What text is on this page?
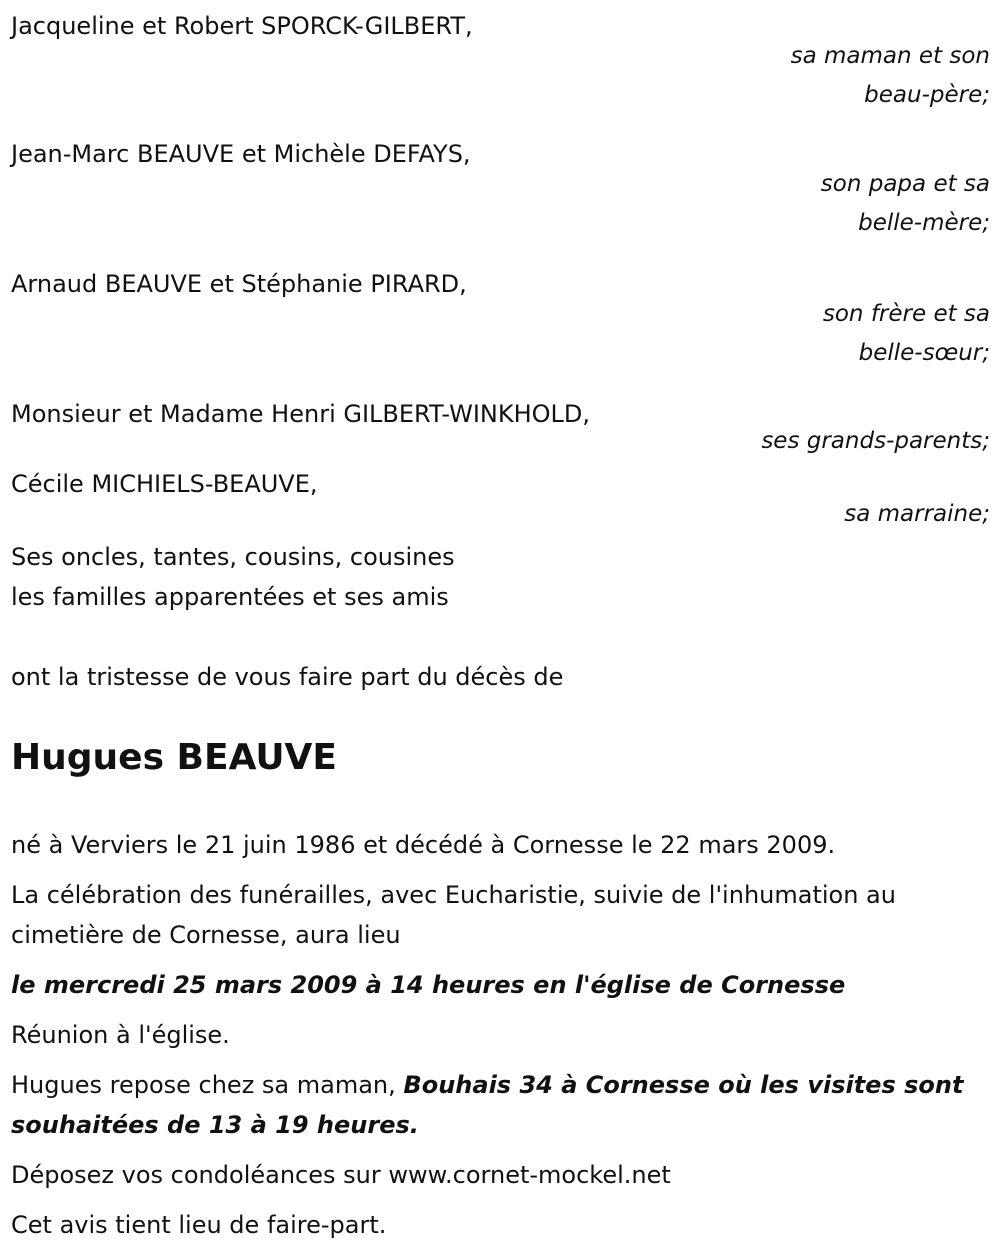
Jacqueline et Robert SPORCK-GILBERT,
sa maman et son
beau-père;
Jean-Marc BEAUVE et Michèle DEFAYS,
son papa et sa
belle-mère;
Arnaud BEAUVE et Stéphanie PIRARD,
son frère et sa
belle-sœur;
Monsieur et Madame Henri GILBERT-WINKHOLD,
ses grands-parents;
Cécile MICHIELS-BEAUVE,
sa marraine;
Ses oncles, tantes, cousins, cousines
les familles apparentées et ses amis
ont la tristesse de vous faire part du décès de
Hugues BEAUVE
né à Verviers le 21 juin 1986 et décédé à Cornesse le 22 mars 2009.
La célébration des funérailles, avec Eucharistie, suivie de l'inhumation au cimetière de Cornesse, aura lieu
le mercredi 25 mars 2009 à 14 heures en l'église de Cornesse
Réunion à l'église.
Hugues repose chez sa maman, Bouhais 34 à Cornesse où les visites sont souhaitées de 13 à 19 heures.
Déposez vos condoléances sur www.cornet-mockel.net
Cet avis tient lieu de faire-part.
